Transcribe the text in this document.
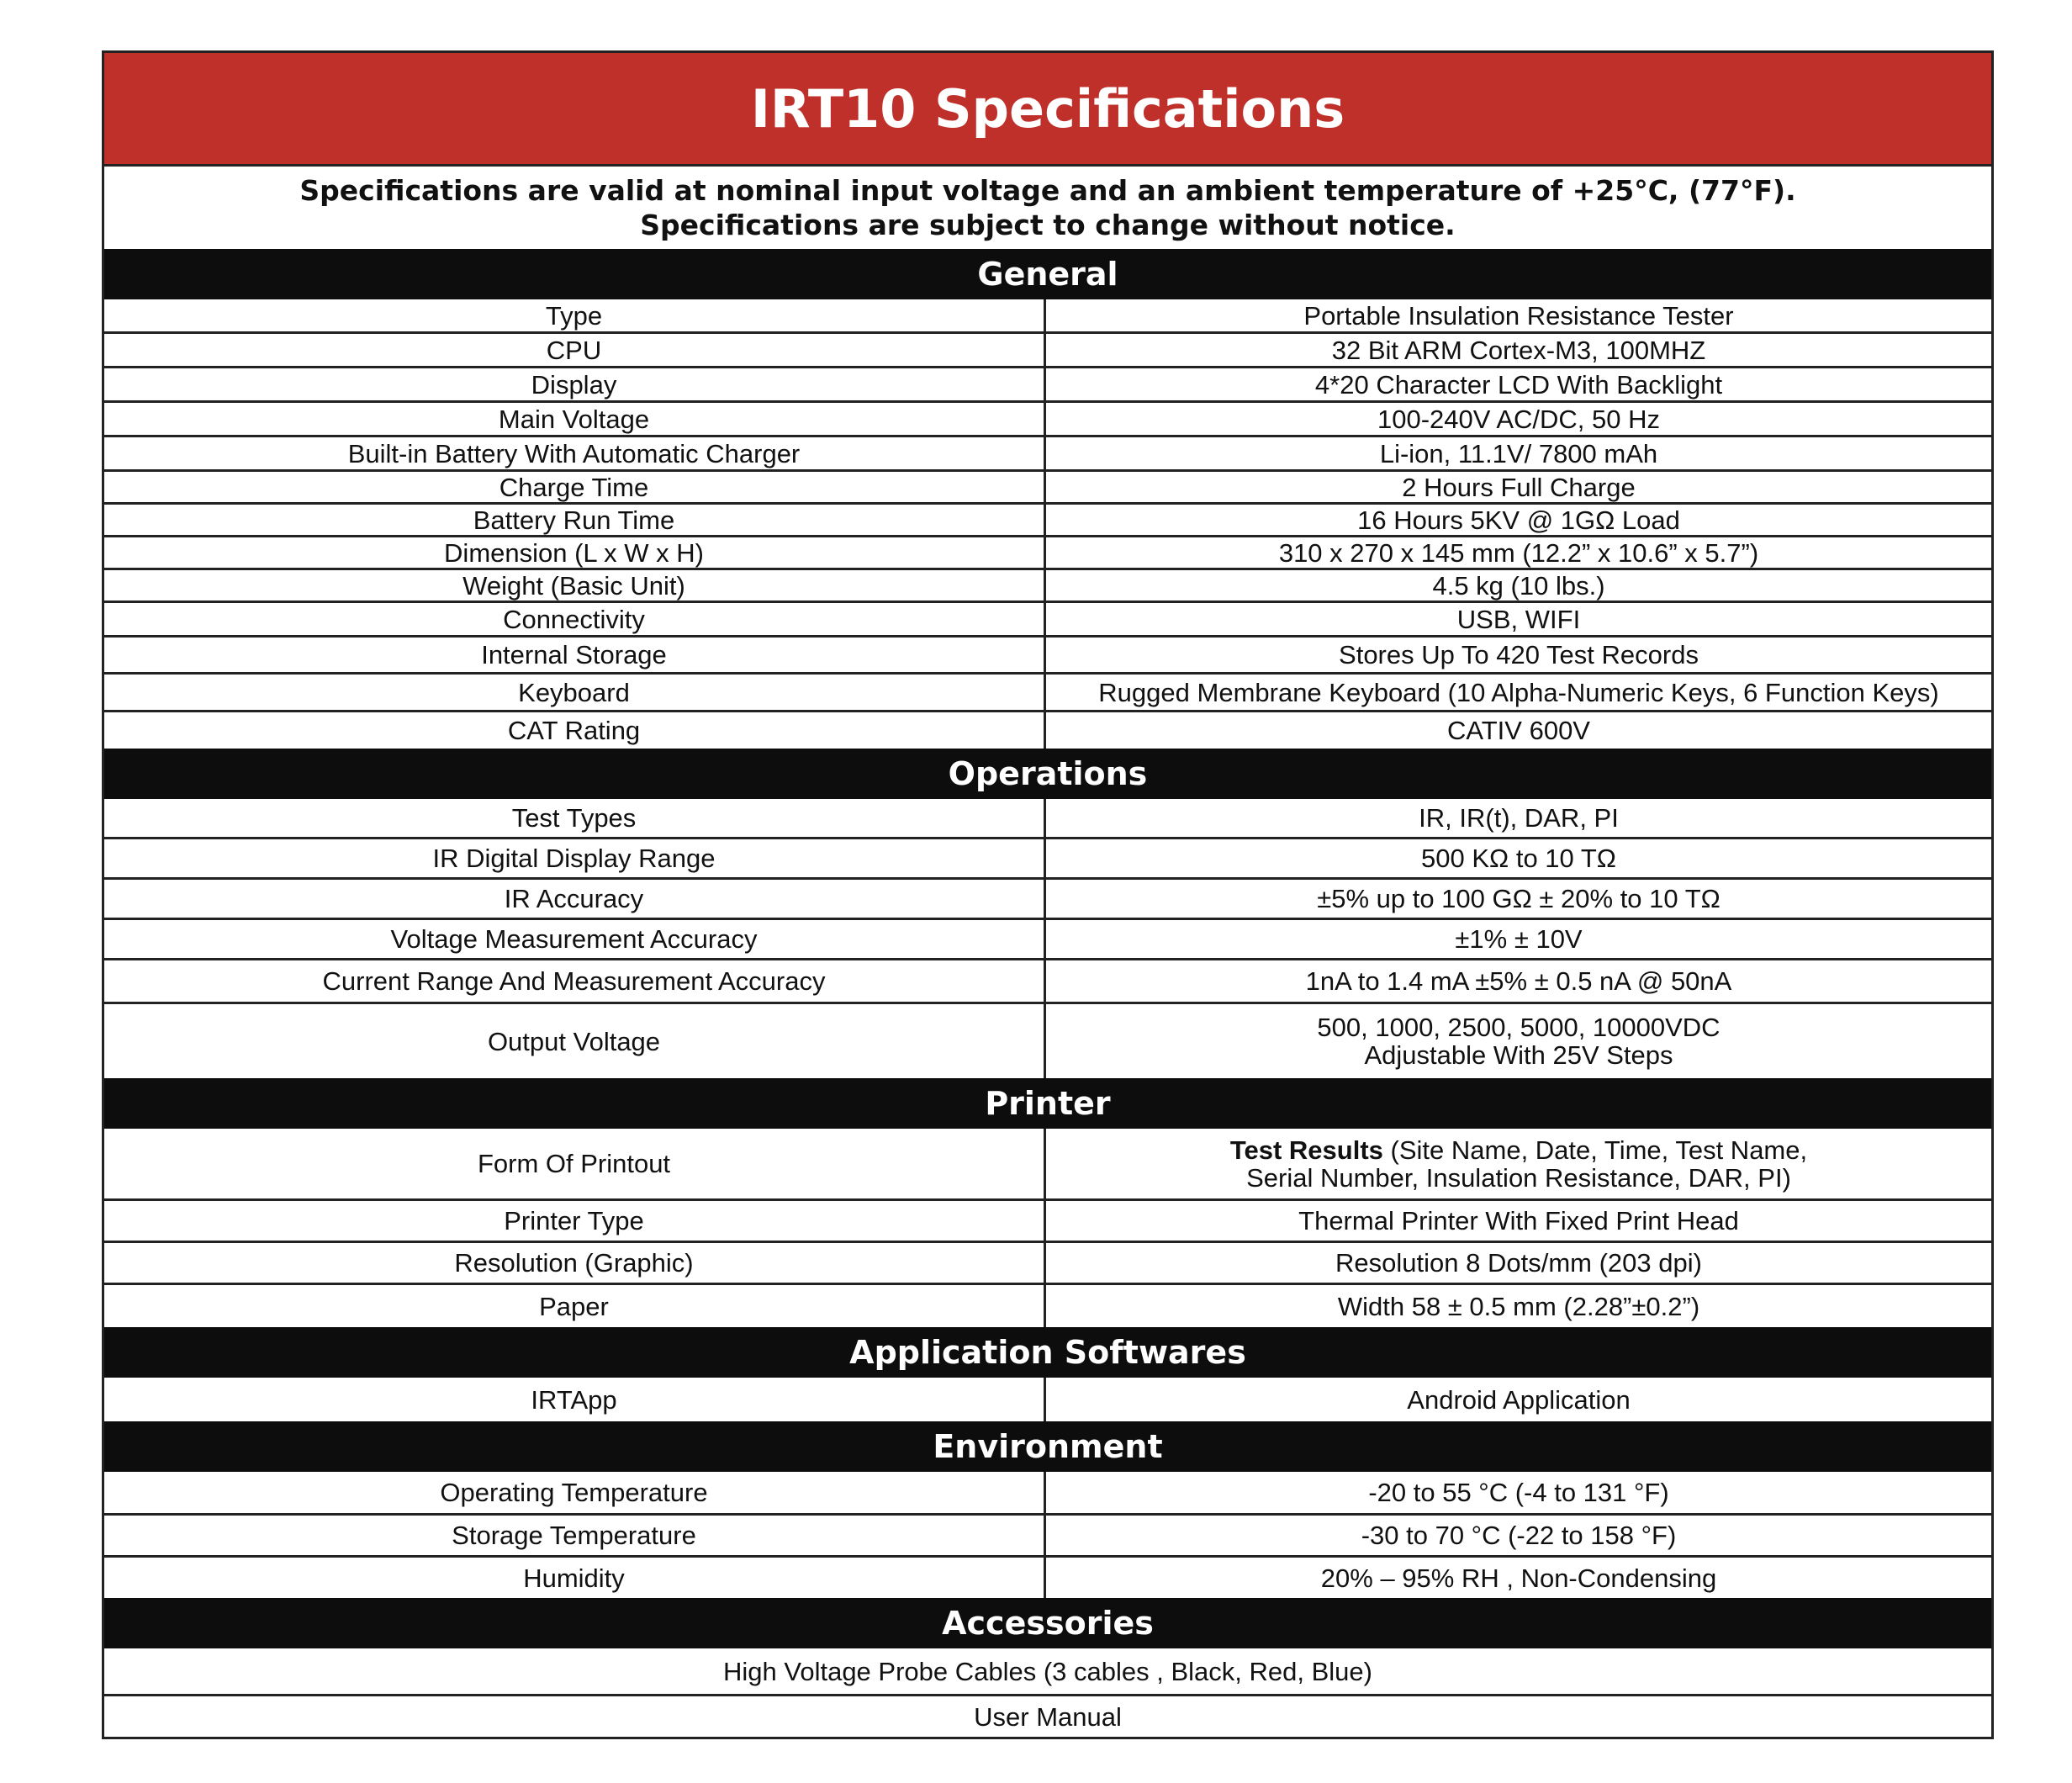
IRT10 Specifications
Specifications are valid at nominal input voltage and an ambient temperature of +25°C, (77°F).
Specifications are subject to change without notice.
General
Type	Portable Insulation Resistance Tester
CPU	32 Bit ARM Cortex-M3, 100MHZ
Display	4*20 Character LCD With Backlight
Main Voltage	100-240V AC/DC, 50 Hz
Built-in Battery With Automatic Charger	Li-ion, 11.1V/ 7800 mAh
Charge Time	2 Hours Full Charge
Battery Run Time	16 Hours 5KV @ 1GΩ Load
Dimension (L x W x H)	310 x 270 x 145 mm (12.2” x 10.6” x 5.7”)
Weight (Basic Unit)	4.5 kg (10 lbs.)
Connectivity	USB, WIFI
Internal Storage	Stores Up To 420 Test Records
Keyboard	Rugged Membrane Keyboard (10 Alpha-Numeric Keys, 6 Function Keys)
CAT Rating	CATIV 600V
Operations
Test Types	IR, IR(t), DAR, PI
IR Digital Display Range	500 KΩ to 10 TΩ
IR Accuracy	±5% up to 100 GΩ ± 20% to 10 TΩ
Voltage Measurement Accuracy	±1% ± 10V
Current Range And Measurement Accuracy	1nA to 1.4 mA ±5% ± 0.5 nA @ 50nA
Output Voltage	500, 1000, 2500, 5000, 10000VDC
Adjustable With 25V Steps
Printer
Form Of Printout	Test Results (Site Name, Date, Time, Test Name,
Serial Number, Insulation Resistance, DAR, PI)
Printer Type	Thermal Printer With Fixed Print Head
Resolution (Graphic)	Resolution 8 Dots/mm (203 dpi)
Paper	Width 58 ± 0.5 mm (2.28”±0.2”)
Application Softwares
IRTApp	Android Application
Environment
Operating Temperature	-20 to 55 °C (-4 to 131 °F)
Storage Temperature	-30 to 70 °C (-22 to 158 °F)
Humidity	20% – 95% RH , Non-Condensing
Accessories
High Voltage Probe Cables (3 cables , Black, Red, Blue)
User Manual
